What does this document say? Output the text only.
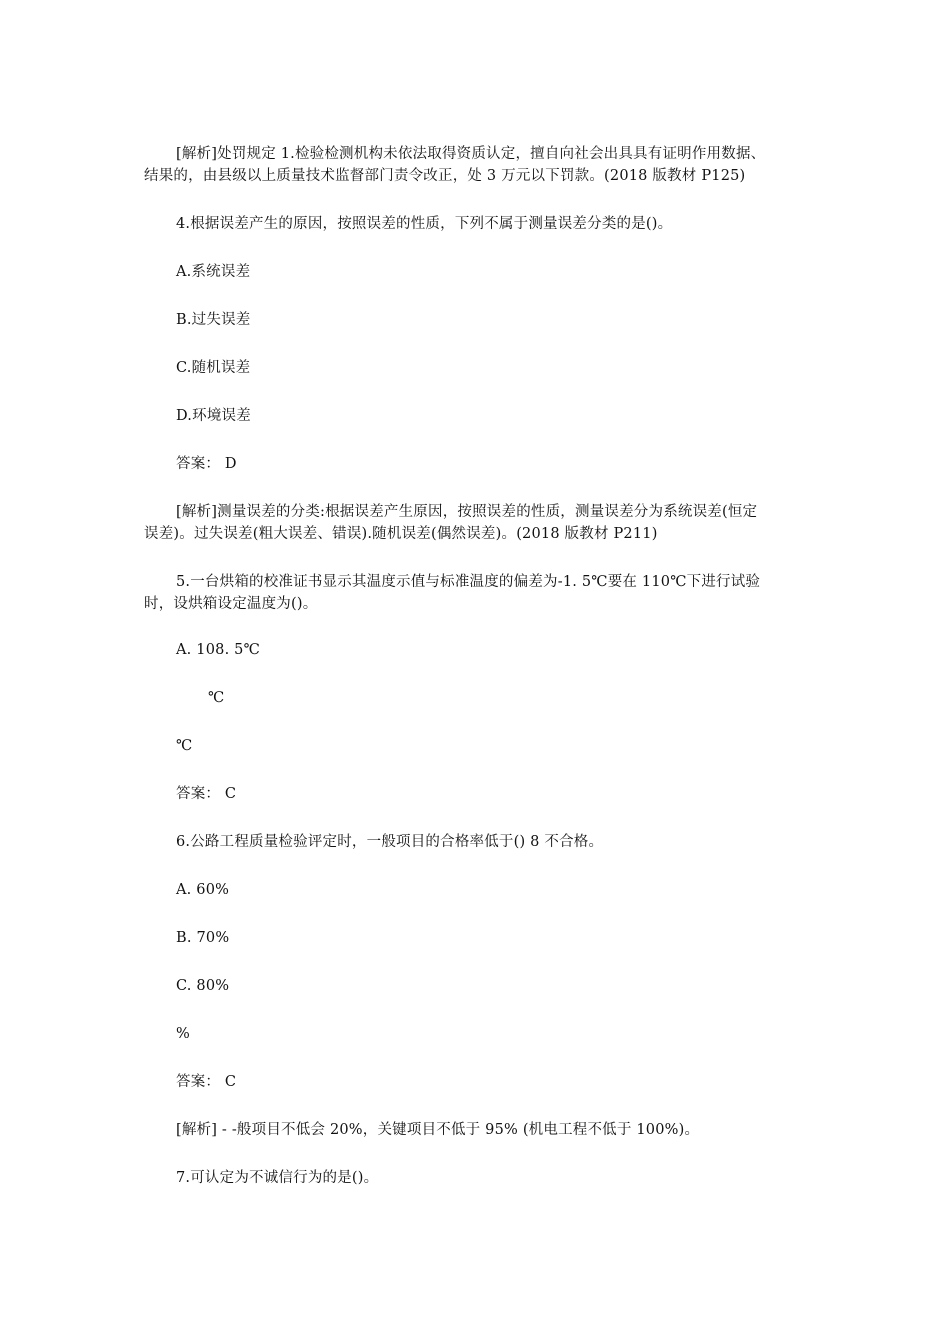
[解析]处罚规定 1.检验检测机构未依法取得资质认定，擅自向社会出具具有证明作用数据、
结果的，由县级以上质量技术监督部门责令改正，处 3 万元以下罚款。(2018 版教材 P125)
4.根据误差产生的原因，按照误差的性质，下列不属于测量误差分类的是()。
A.系统误差
B.过失误差
C.随机误差
D.环境误差
答案： D
[解析]测量误差的分类:根据误差产生原因，按照误差的性质，测量误差分为系统误差(恒定
误差)。过失误差(粗大误差、错误).随机误差(偶然误差)。(2018 版教材 P211)
5.一台烘箱的校准证书显示其温度示值与标准温度的偏差为-1. 5℃要在 110℃下进行试验
时，设烘箱设定温度为()。
A. 108. 5℃
℃
℃
答案： C
6.公路工程质量检验评定时，一般项目的合格率低于() 8 不合格。
A. 60%
B. 70%
C. 80%
%
答案： C
[解析] - -般项目不低会 20%，关键项目不低于 95% (机电工程不低于 100%)。
7.可认定为不诚信行为的是()。
